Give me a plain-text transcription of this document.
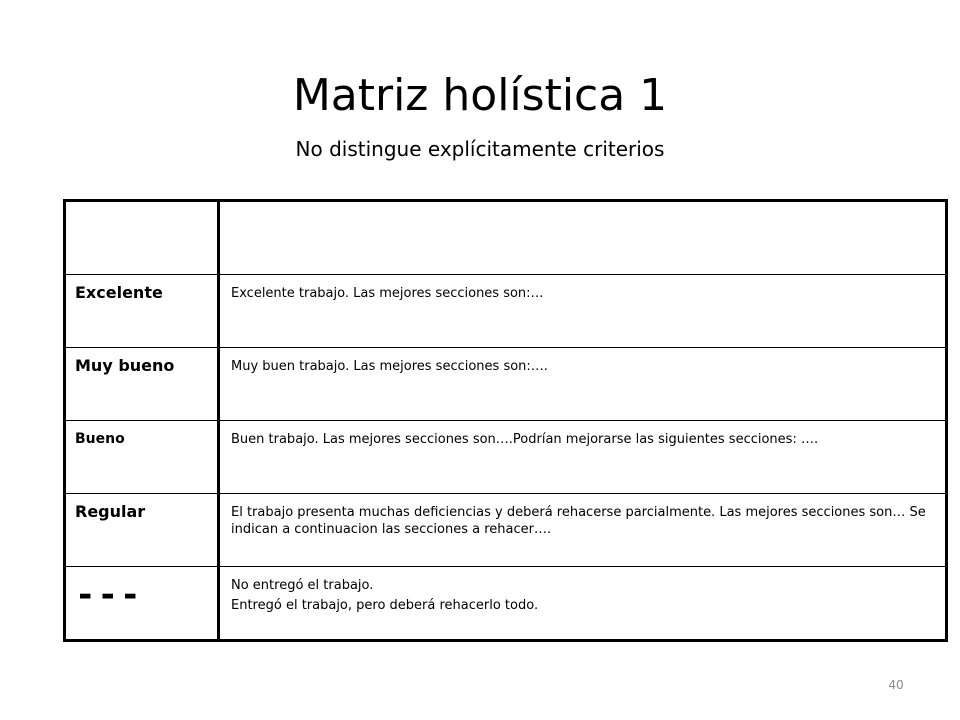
Matriz holística 1
No distingue explícitamente criterios

Excelente	Excelente trabajo. Las mejores secciones son:…

Muy bueno	Muy buen trabajo. Las mejores secciones son:….

Bueno	Buen trabajo. Las mejores secciones son….Podrían mejorarse las siguientes secciones: ….

Regular	El trabajo presenta muchas deficiencias y deberá rehacerse parcialmente. Las mejores secciones son… Se indican a continuacion las secciones a rehacer….

---	No entregó el trabajo.
Entregó el trabajo, pero deberá rehacerlo todo.
40
